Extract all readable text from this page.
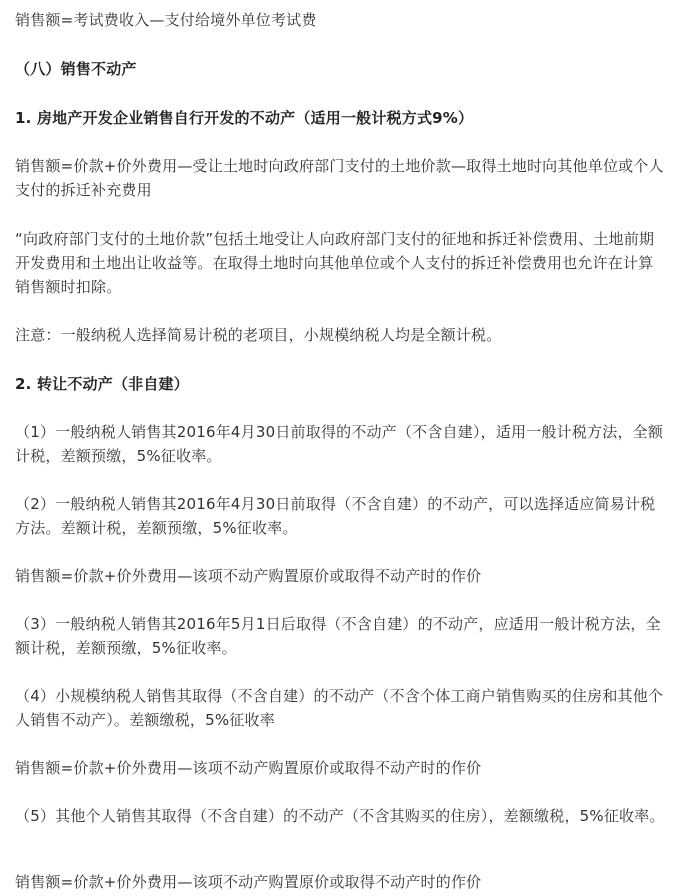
销售额=考试费收入—支付给境外单位考试费

（八）销售不动产

1. 房地产开发企业销售自行开发的不动产（适用一般计税方式9%）

销售额=价款+价外费用—受让土地时向政府部门支付的土地价款—取得土地时向其他单位或个人支付的拆迁补充费用

“向政府部门支付的土地价款”包括土地受让人向政府部门支付的征地和拆迁补偿费用、土地前期开发费用和土地出让收益等。在取得土地时向其他单位或个人支付的拆迁补偿费用也允许在计算销售额时扣除。

注意：一般纳税人选择简易计税的老项目，小规模纳税人均是全额计税。

2. 转让不动产（非自建）

（1）一般纳税人销售其2016年4月30日前取得的不动产（不含自建），适用一般计税方法，全额计税，差额预缴，5%征收率。

（2）一般纳税人销售其2016年4月30日前取得（不含自建）的不动产，可以选择适应简易计税方法。差额计税，差额预缴，5%征收率。

销售额=价款+价外费用—该项不动产购置原价或取得不动产时的作价

（3）一般纳税人销售其2016年5月1日后取得（不含自建）的不动产，应适用一般计税方法，全额计税，差额预缴，5%征收率。

（4）小规模纳税人销售其取得（不含自建）的不动产（不含个体工商户销售购买的住房和其他个人销售不动产）。差额缴税，5%征收率

销售额=价款+价外费用—该项不动产购置原价或取得不动产时的作价

（5）其他个人销售其取得（不含自建）的不动产（不含其购买的住房），差额缴税，5%征收率。

销售额=价款+价外费用—该项不动产购置原价或取得不动产时的作价
